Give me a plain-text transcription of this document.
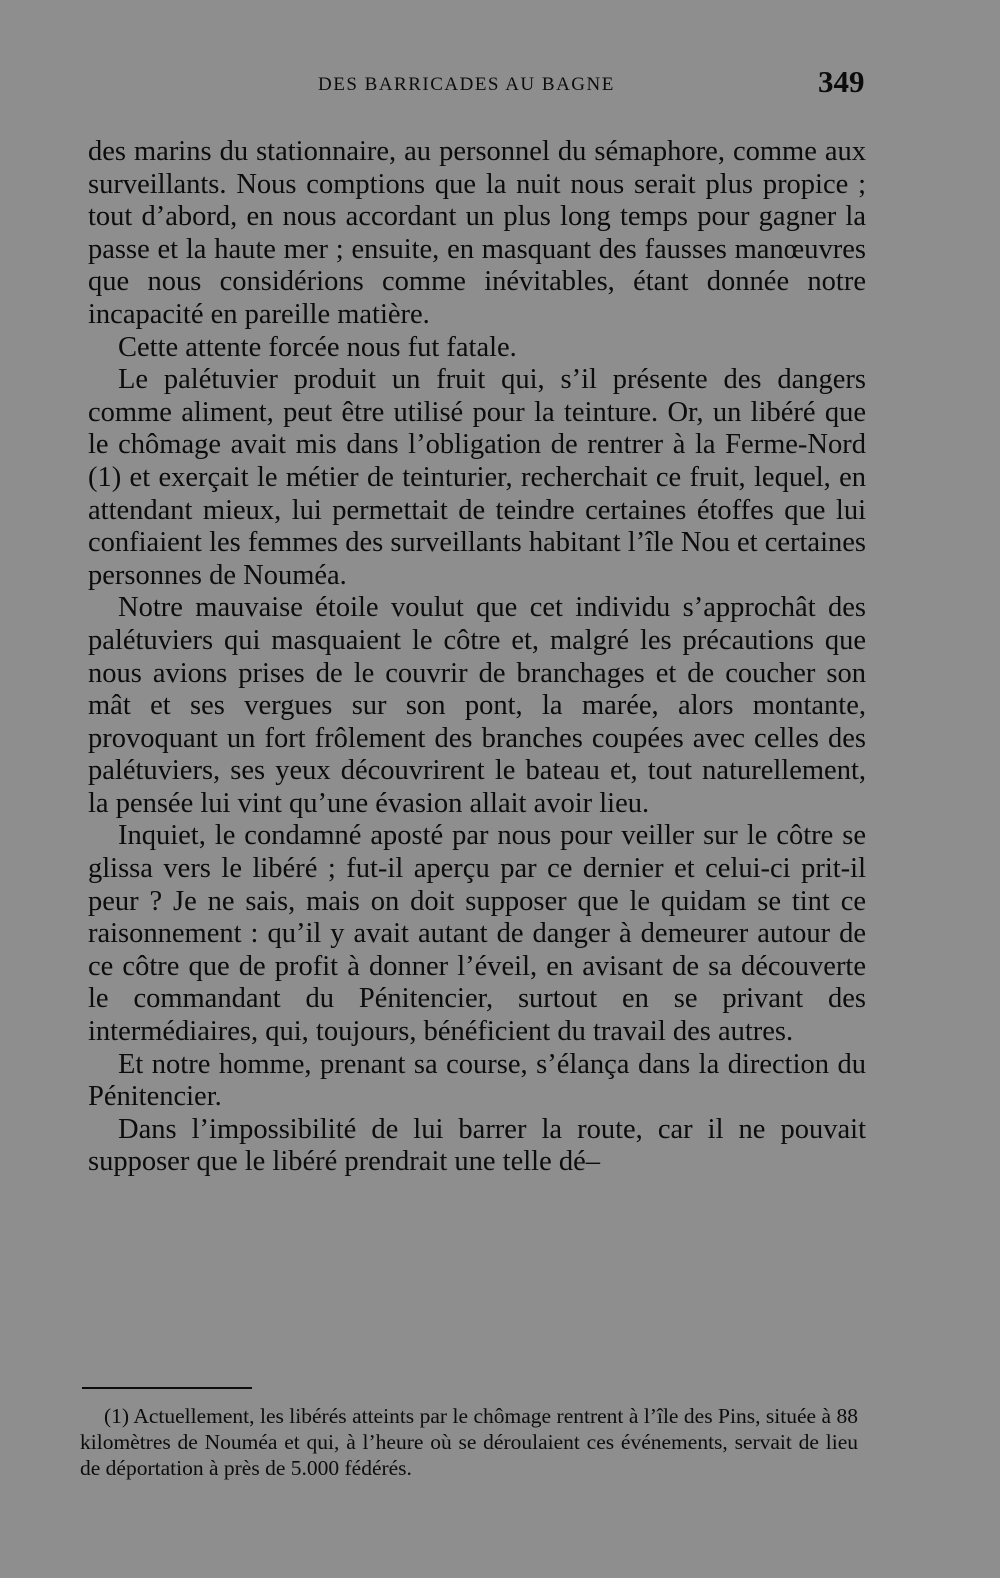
DES BARRICADES AU BAGNE	349

des marins du stationnaire, au personnel du sémaphore, comme aux surveillants. Nous comptions que la nuit nous serait plus propice ; tout d’abord, en nous accordant un plus long temps pour gagner la passe et la haute mer ; ensuite, en masquant des fausses manœuvres que nous considérions comme inévitables, étant donnée notre incapacité en pareille matière.

Cette attente forcée nous fut fatale.

Le palétuvier produit un fruit qui, s’il présente des dangers comme aliment, peut être utilisé pour la teinture. Or, un libéré que le chômage avait mis dans l’obligation de rentrer à la Ferme-Nord (1) et exerçait le métier de teinturier, recherchait ce fruit, lequel, en attendant mieux, lui permettait de teindre certaines étoffes que lui confiaient les femmes des surveillants habitant l’île Nou et certaines personnes de Nouméa.

Notre mauvaise étoile voulut que cet individu s’approchât des palétuviers qui masquaient le côtre et, malgré les précautions que nous avions prises de le couvrir de branchages et de coucher son mât et ses vergues sur son pont, la marée, alors montante, provoquant un fort frôlement des branches coupées avec celles des palétuviers, ses yeux découvrirent le bateau et, tout naturellement, la pensée lui vint qu’une évasion allait avoir lieu.

Inquiet, le condamné aposté par nous pour veiller sur le côtre se glissa vers le libéré ; fut-il aperçu par ce dernier et celui-ci prit-il peur ? Je ne sais, mais on doit supposer que le quidam se tint ce raisonnement : qu’il y avait autant de danger à demeurer autour de ce côtre que de profit à donner l’éveil, en avisant de sa découverte le commandant du Pénitencier, surtout en se privant des intermédiaires, qui, toujours, bénéficient du travail des autres.

Et notre homme, prenant sa course, s’élança dans la direction du Pénitencier.

Dans l’impossibilité de lui barrer la route, car il ne pouvait supposer que le libéré prendrait une telle dé–

(1) Actuellement, les libérés atteints par le chômage rentrent à l’île des Pins, située à 88 kilomètres de Nouméa et qui, à l’heure où se déroulaient ces événements, servait de lieu de déportation à près de 5.000 fédérés.
